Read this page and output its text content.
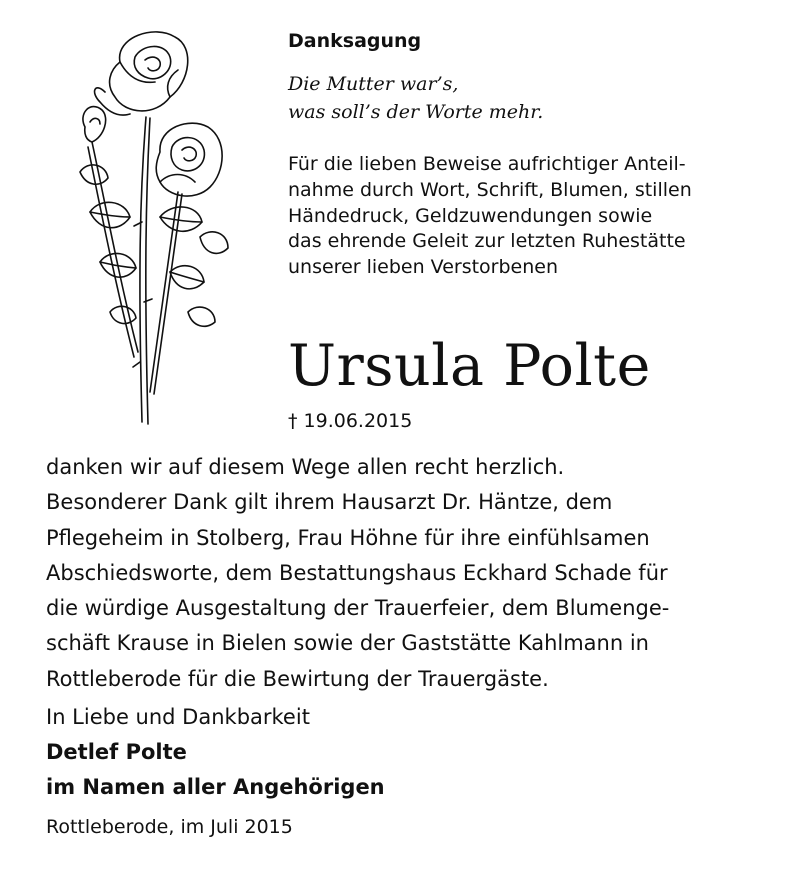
Danksagung
Die Mutter war’s,
was soll’s der Worte mehr.
Für die lieben Beweise aufrichtiger Anteil-
nahme durch Wort, Schrift, Blumen, stillen
Händedruck, Geldzuwendungen sowie
das ehrende Geleit zur letzten Ruhestätte
unserer lieben Verstorbenen
Ursula Polte
† 19.06.2015
danken wir auf diesem Wege allen recht herzlich.
Besonderer Dank gilt ihrem Hausarzt Dr. Häntze, dem
Pflegeheim in Stolberg, Frau Höhne für ihre einfühlsamen
Abschiedsworte, dem Bestattungshaus Eckhard Schade für
die würdige Ausgestaltung der Trauerfeier, dem Blumenge-
schäft Krause in Bielen sowie der Gaststätte Kahlmann in
Rottleberode für die Bewirtung der Trauergäste.
In Liebe und Dankbarkeit
Detlef Polte
im Namen aller Angehörigen
Rottleberode, im Juli 2015
